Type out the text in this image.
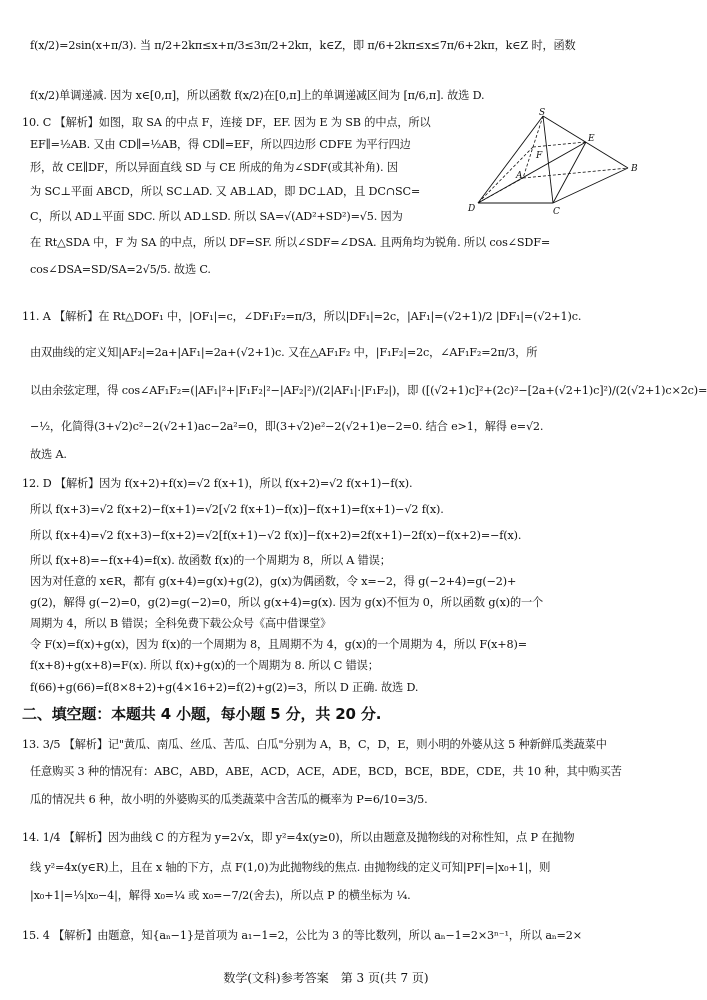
f(x/2)=2sin(x+π/3). 当 π/2+2kπ≤x+π/3≤3π/2+2kπ，k∈Z，即 π/6+2kπ≤x≤7π/6+2kπ，k∈Z 时，函数
f(x/2)单调递减. 因为 x∈[0,π]，所以函数 f(x/2)在[0,π]上的单调递减区间为 [π/6,π]. 故选 D.
10. C 【解析】如图，取 SA 的中点 F，连接 DF，EF. 因为 E 为 SB 的中点，所以
EF∥=½AB. 又由 CD∥=½AB，得 CD∥=EF，所以四边形 CDFE 为平行四边
形，故 CE∥DF，所以异面直线 SD 与 CE 所成的角为∠SDF(或其补角). 因
为 SC⊥平面 ABCD，所以 SC⊥AD. 又 AB⊥AD，即 DC⊥AD，且 DC∩SC=
C，所以 AD⊥平面 SDC. 所以 AD⊥SD. 所以 SA=√(AD²+SD²)=√5. 因为
在 Rt△SDA 中，F 为 SA 的中点，所以 DF=SF. 所以∠SDF=∠DSA. 且两角均为锐角. 所以 cos∠SDF=
cos∠DSA=SD/SA=2√5/5. 故选 C.
S
E
F
A
B
C
D
11. A 【解析】在 Rt△DOF₁ 中，|OF₁|=c，∠DF₁F₂=π/3，所以|DF₁|=2c，|AF₁|=(√2+1)/2 |DF₁|=(√2+1)c.
由双曲线的定义知|AF₂|=2a+|AF₁|=2a+(√2+1)c. 又在△AF₁F₂ 中，|F₁F₂|=2c，∠AF₁F₂=2π/3，所
以由余弦定理，得 cos∠AF₁F₂=(|AF₁|²+|F₁F₂|²−|AF₂|²)/(2|AF₁|·|F₁F₂|)，即 ([(√2+1)c]²+(2c)²−[2a+(√2+1)c]²)/(2(√2+1)c×2c)=
−½，化简得(3+√2)c²−2(√2+1)ac−2a²=0，即(3+√2)e²−2(√2+1)e−2=0. 结合 e>1，解得 e=√2.
故选 A.
12. D 【解析】因为 f(x+2)+f(x)=√2 f(x+1)，所以 f(x+2)=√2 f(x+1)−f(x).
所以 f(x+3)=√2 f(x+2)−f(x+1)=√2[√2 f(x+1)−f(x)]−f(x+1)=f(x+1)−√2 f(x).
所以 f(x+4)=√2 f(x+3)−f(x+2)=√2[f(x+1)−√2 f(x)]−f(x+2)=2f(x+1)−2f(x)−f(x+2)=−f(x).
所以 f(x+8)=−f(x+4)=f(x). 故函数 f(x)的一个周期为 8，所以 A 错误；
因为对任意的 x∈R，都有 g(x+4)=g(x)+g(2)，g(x)为偶函数，令 x=−2，得 g(−2+4)=g(−2)+
g(2)，解得 g(−2)=0，g(2)=g(−2)=0，所以 g(x+4)=g(x). 因为 g(x)不恒为 0，所以函数 g(x)的一个
周期为 4，所以 B 错误；全科免费下载公众号《高中借课堂》
令 F(x)=f(x)+g(x)，因为 f(x)的一个周期为 8，且周期不为 4，g(x)的一个周期为 4，所以 F(x+8)=
f(x+8)+g(x+8)=F(x). 所以 f(x)+g(x)的一个周期为 8. 所以 C 错误；
f(66)+g(66)=f(8×8+2)+g(4×16+2)=f(2)+g(2)=3，所以 D 正确. 故选 D.
二、填空题：本题共 4 小题，每小题 5 分，共 20 分.
13. 3/5 【解析】记"黄瓜、南瓜、丝瓜、苦瓜、白瓜"分别为 A，B，C，D，E，则小明的外婆从这 5 种新鲜瓜类蔬菜中
任意购买 3 种的情况有：ABC，ABD，ABE，ACD，ACE，ADE，BCD，BCE，BDE，CDE，共 10 种，其中购买苦
瓜的情况共 6 种，故小明的外婆购买的瓜类蔬菜中含苦瓜的概率为 P=6/10=3/5.
14. 1/4 【解析】因为曲线 C 的方程为 y=2√x，即 y²=4x(y≥0)，所以由题意及抛物线的对称性知，点 P 在抛物
线 y²=4x(y∈R)上，且在 x 轴的下方，点 F(1,0)为此抛物线的焦点. 由抛物线的定义可知|PF|=|x₀+1|，则
|x₀+1|=⅓|x₀−4|，解得 x₀=¼ 或 x₀=−7/2(舍去)，所以点 P 的横坐标为 ¼.
15. 4 【解析】由题意，知{aₙ−1}是首项为 a₁−1=2，公比为 3 的等比数列，所以 aₙ−1=2×3ⁿ⁻¹，所以 aₙ=2×
数学(文科)参考答案　第 3 页(共 7 页)
